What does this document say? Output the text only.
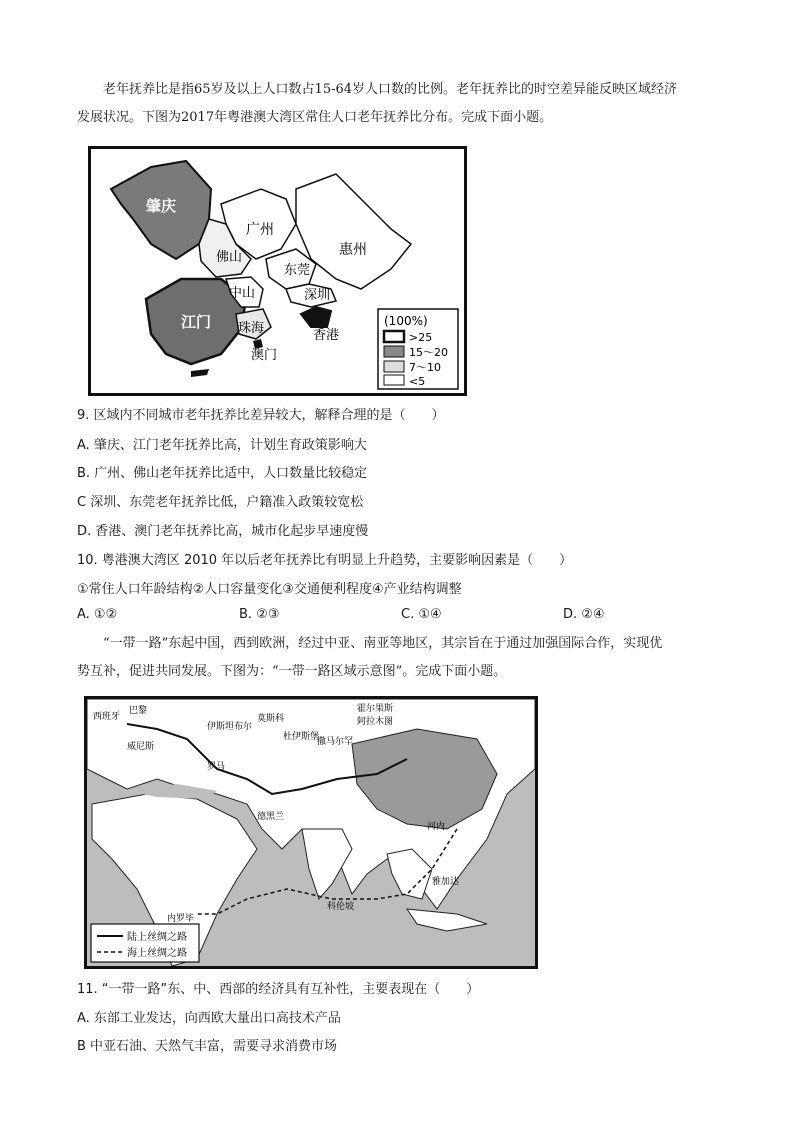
老年抚养比是指65岁及以上人口数占15-64岁人口数的比例。老年抚养比的时空差异能反映区域经济
发展状况。下图为2017年粤港澳大湾区常住人口老年抚养比分布。完成下面小题。
肇庆
广州
佛山	惠州
东莞
深圳
中山
江门 珠海
澳门
香港
(100%)
>25
15～20
7～10
<5
9. 区域内不同城市老年抚养比差异较大，解释合理的是（　　）
A. 肇庆、江门老年抚养比高，计划生育政策影响大
B. 广州、佛山老年抚养比适中，人口数量比较稳定
C 深圳、东莞老年抚养比低，户籍准入政策较宽松
D. 香港、澳门老年抚养比高，城市化起步早速度慢
10. 粤港澳大湾区 2010 年以后老年抚养比有明显上升趋势，主要影响因素是（　　）
①常住人口年龄结构②人口容量变化③交通便利程度④产业结构调整
A. ①②	B. ②③	C. ①④	D. ②④
“一带一路”东起中国，西到欧洲，经过中亚、南亚等地区，其宗旨在于通过加强国际合作，实现优
势互补，促进共同发展。下图为：“一带一路区域示意图”。完成下面小题。
西班牙
巴黎
威尼斯
伊斯坦布尔
罗马
莫斯科
杜伊斯堡
撒马尔罕
阿拉木图
霍尔果斯
德黑兰
科伦坡
河内
雅加达
内罗毕
陆上丝绸之路
海上丝绸之路
11. “一带一路”东、中、西部的经济具有互补性，主要表现在（　　）
A. 东部工业发达，向西欧大量出口高技术产品
B 中亚石油、天然气丰富，需要寻求消费市场
